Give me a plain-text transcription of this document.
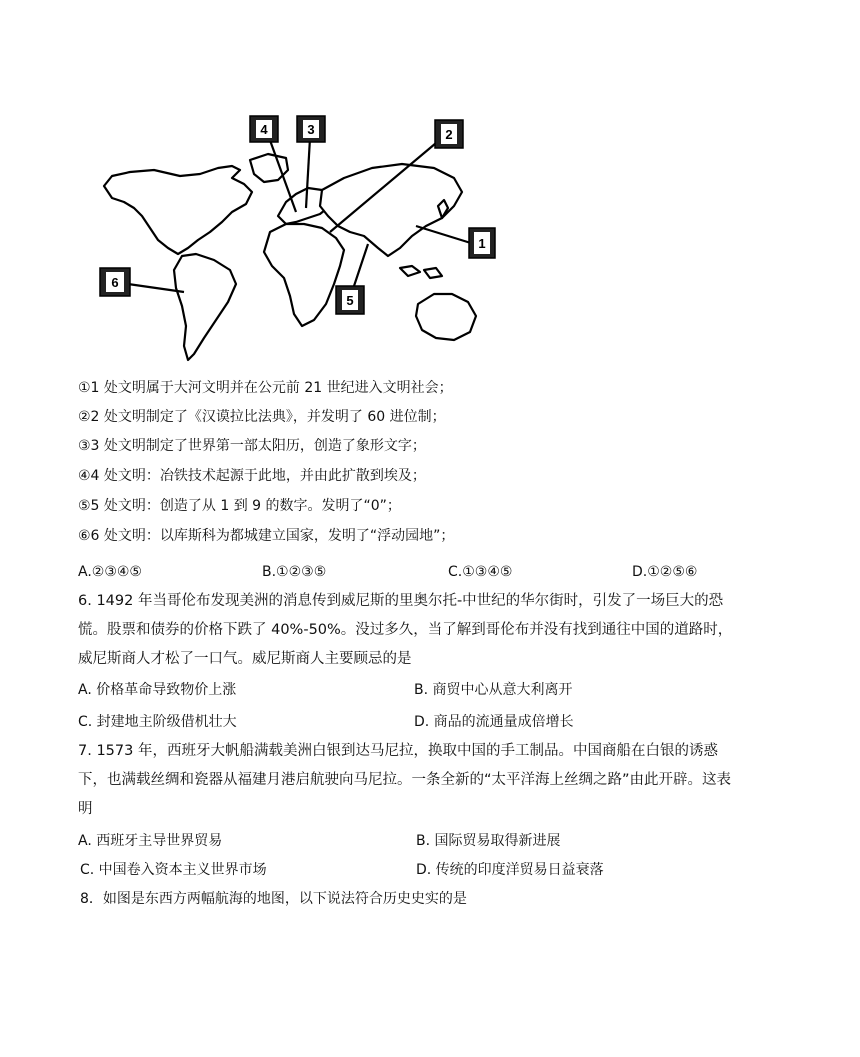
4	3	2
1
5
6
①1 处文明属于大河文明并在公元前 21 世纪进入文明社会；
②2 处文明制定了《汉谟拉比法典》，并发明了 60 进位制；
③3 处文明制定了世界第一部太阳历，创造了象形文字；
④4 处文明：冶铁技术起源于此地，并由此扩散到埃及；
⑤5 处文明：创造了从 1 到 9 的数字。发明了“0”；
⑥6 处文明：以库斯科为都城建立国家，发明了“浮动园地”；
A.②③④⑤	B.①②③⑤	C.①③④⑤	D.①②⑤⑥
6. 1492 年当哥伦布发现美洲的消息传到威尼斯的里奥尔托-中世纪的华尔街时，引发了一场巨大的恐慌。股票和债券的价格下跌了 40%-50%。没过多久，当了解到哥伦布并没有找到通往中国的道路时，威尼斯商人才松了一口气。威尼斯商人主要顾忌的是
A. 价格革命导致物价上涨	B. 商贸中心从意大利离开
C. 封建地主阶级借机壮大	D. 商品的流通量成倍增长
7. 1573 年，西班牙大帆船满载美洲白银到达马尼拉，换取中国的手工制品。中国商船在白银的诱惑下，也满载丝绸和瓷器从福建月港启航驶向马尼拉。一条全新的“太平洋海上丝绸之路”由此开辟。这表明
A. 西班牙主导世界贸易	B. 国际贸易取得新进展
C. 中国卷入资本主义世界市场	D. 传统的印度洋贸易日益衰落
8．如图是东西方两幅航海的地图，以下说法符合历史史实的是
